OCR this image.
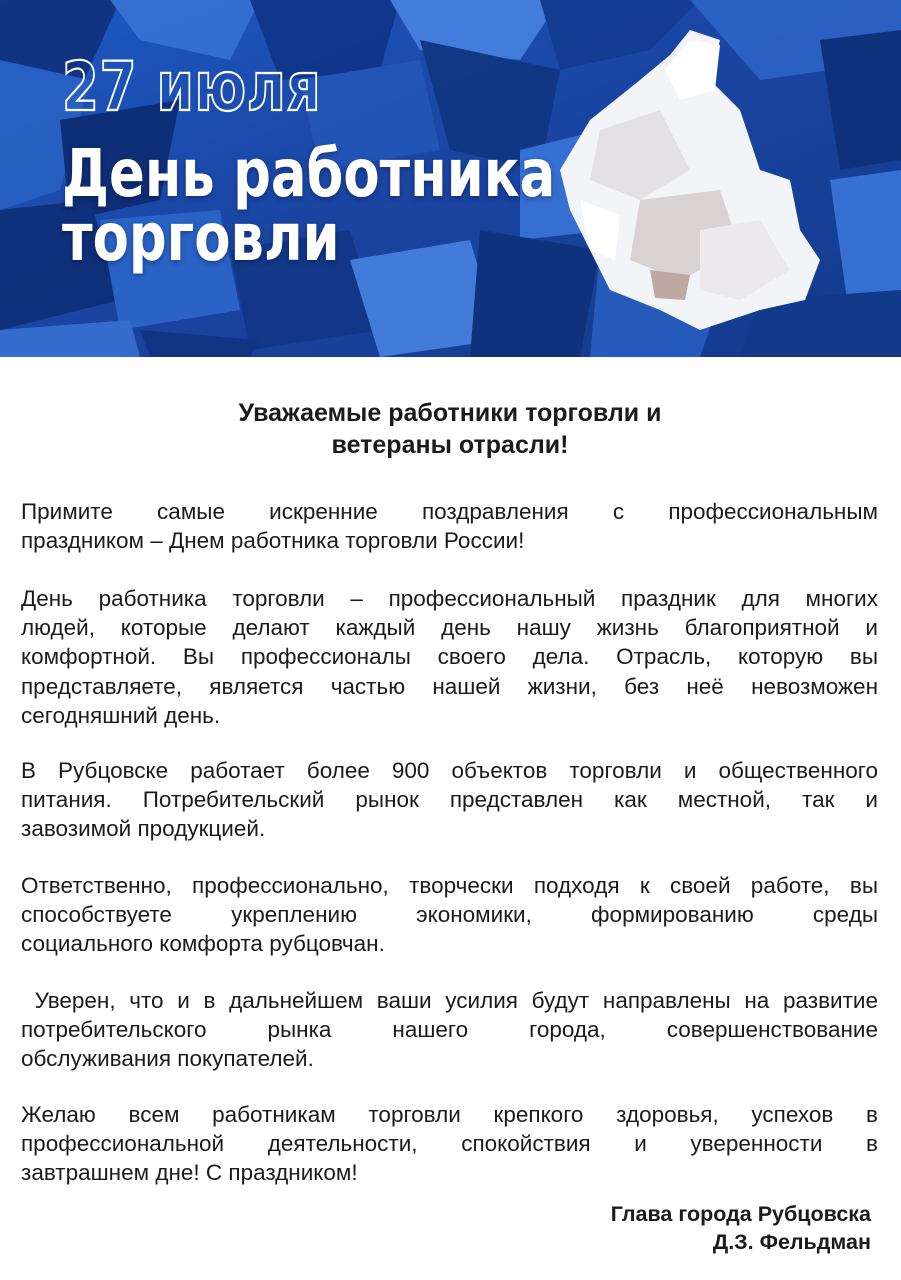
27 июля
День работника
торговли
Уважаемые работники торговли и
ветераны отрасли!
Примите самые искренние поздравления с профессиональным
праздником – Днем работника торговли России!
День работника торговли – профессиональный праздник для многих
людей, которые делают каждый день нашу жизнь благоприятной и
комфортной. Вы профессионалы своего дела. Отрасль, которую вы
представляете, является частью нашей жизни, без неё невозможен
сегодняшний день.
В Рубцовске работает более 900 объектов торговли и общественного
питания. Потребительский рынок представлен как местной, так и
завозимой продукцией.
Ответственно, профессионально, творчески подходя к своей работе, вы
способствуете укреплению экономики, формированию среды
социального комфорта рубцовчан.
Уверен, что и в дальнейшем ваши усилия будут направлены на развитие
потребительского рынка нашего города, совершенствование
обслуживания покупателей.
Желаю всем работникам торговли крепкого здоровья, успехов в
профессиональной деятельности, спокойствия и уверенности в
завтрашнем дне! С праздником!
Глава города Рубцовска
Д.З. Фельдман
